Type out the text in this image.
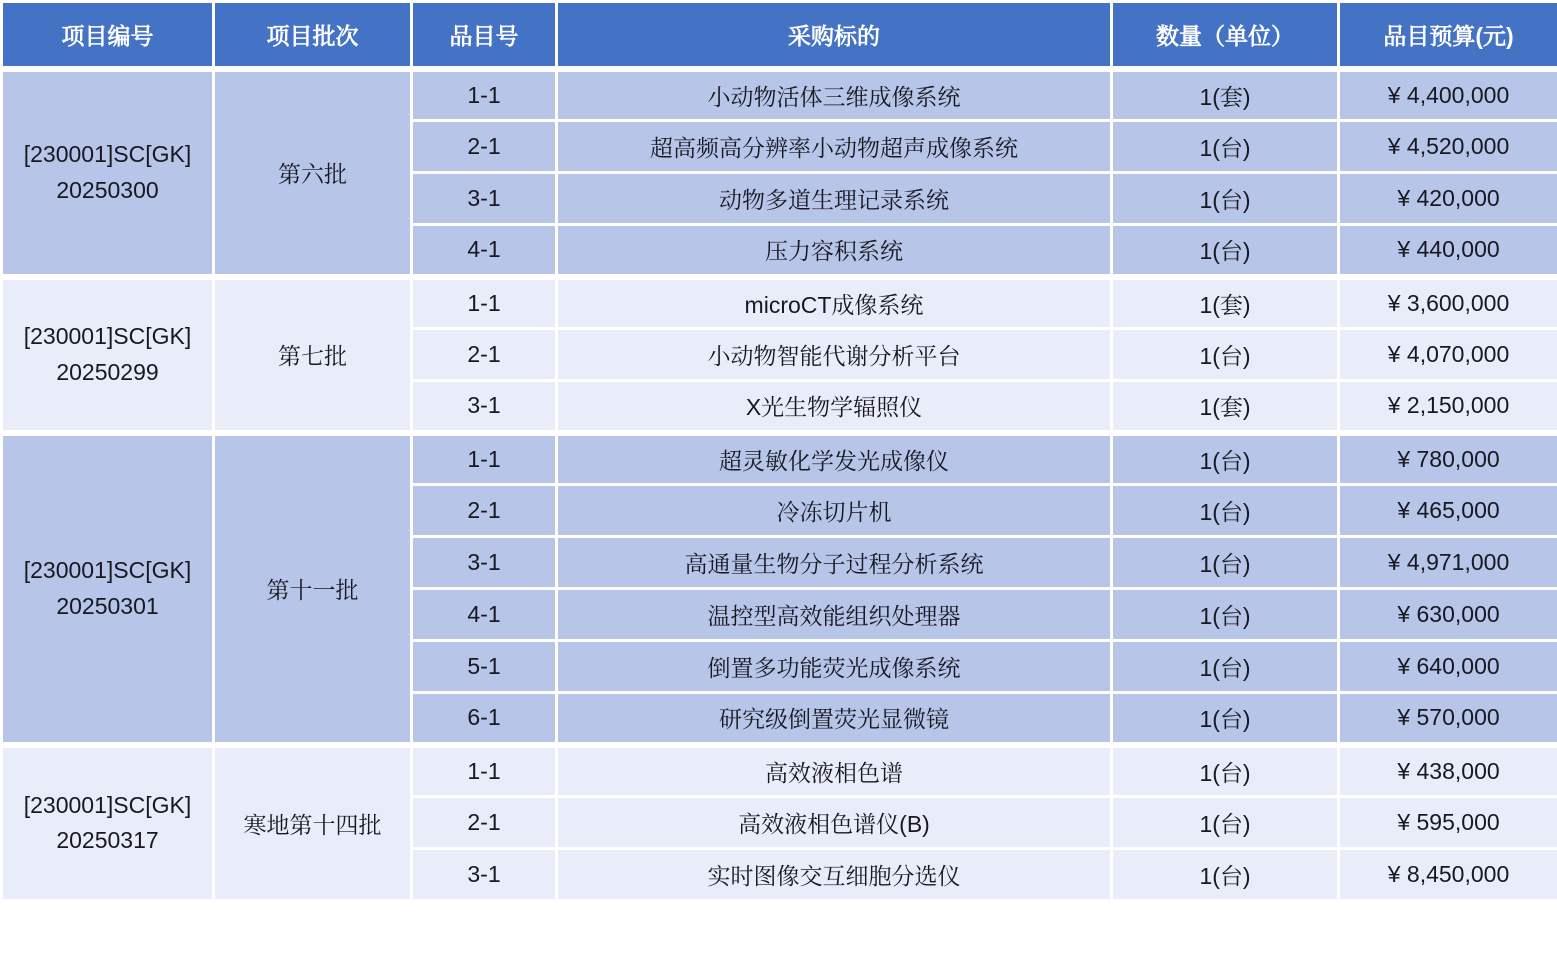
项目编号	项目批次	品目号	采购标的	数量（单位）	品目预算(元)

[230001]SC[GK]
20250300	第六批	1-1	小动物活体三维成像系统	1(套)	¥ 4,400,000
		2-1	超高频高分辨率小动物超声成像系统	1(台)	¥ 4,520,000
		3-1	动物多道生理记录系统	1(台)	¥ 420,000
		4-1	压力容积系统	1(台)	¥ 440,000

[230001]SC[GK]
20250299	第七批	1-1	microCT成像系统	1(套)	¥ 3,600,000
		2-1	小动物智能代谢分析平台	1(台)	¥ 4,070,000
		3-1	X光生物学辐照仪	1(套)	¥ 2,150,000

[230001]SC[GK]
20250301	第十一批	1-1	超灵敏化学发光成像仪	1(台)	¥ 780,000
		2-1	冷冻切片机	1(台)	¥ 465,000
		3-1	高通量生物分子过程分析系统	1(台)	¥ 4,971,000
		4-1	温控型高效能组织处理器	1(台)	¥ 630,000
		5-1	倒置多功能荧光成像系统	1(台)	¥ 640,000
		6-1	研究级倒置荧光显微镜	1(台)	¥ 570,000

[230001]SC[GK]
20250317	寒地第十四批	1-1	高效液相色谱	1(台)	¥ 438,000
		2-1	高效液相色谱仪(B)	1(台)	¥ 595,000
		3-1	实时图像交互细胞分选仪	1(台)	¥ 8,450,000
